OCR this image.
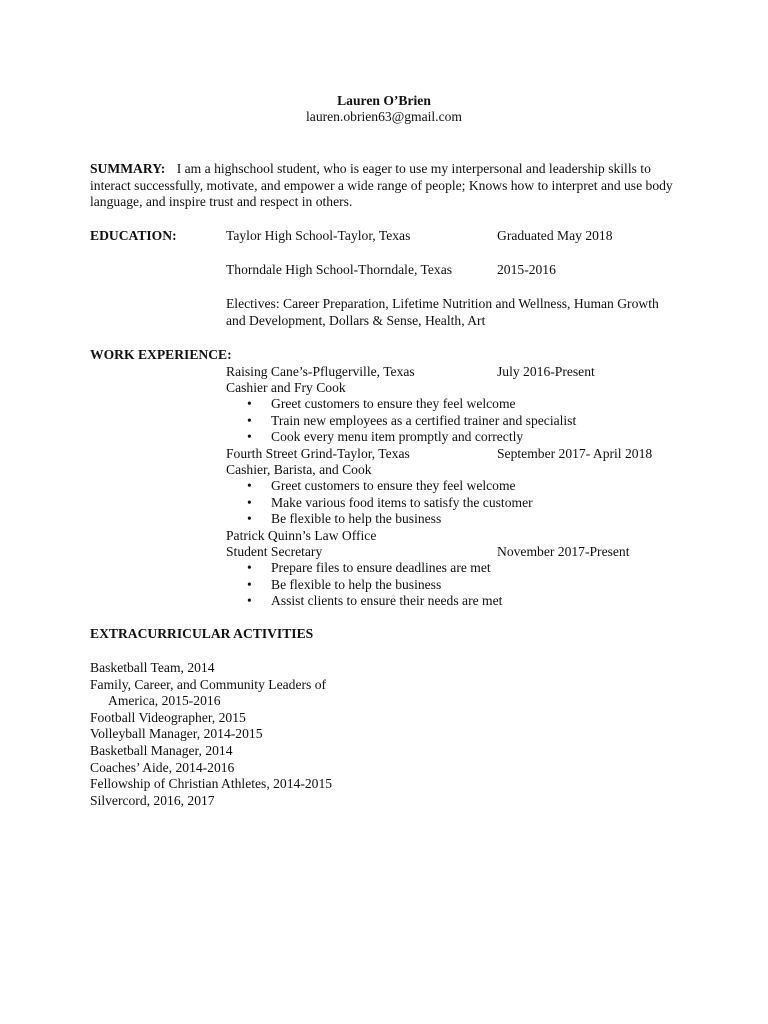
Lauren O’Brien
lauren.obrien63@gmail.com
SUMMARY: I am a highschool student, who is eager to use my interpersonal and leadership skills to interact successfully, motivate, and empower a wide range of people; Knows how to interpret and use body language, and inspire trust and respect in others.
EDUCATION:	Taylor High School-Taylor, Texas	Graduated May 2018
Thorndale High School-Thorndale, Texas	2015-2016
Electives: Career Preparation, Lifetime Nutrition and Wellness, Human Growth and Development, Dollars & Sense, Health, Art
WORK EXPERIENCE:
Raising Cane’s-Pflugerville, Texas	July 2016-Present
Cashier and Fry Cook
• Greet customers to ensure they feel welcome
• Train new employees as a certified trainer and specialist
• Cook every menu item promptly and correctly
Fourth Street Grind-Taylor, Texas	September 2017- April 2018
Cashier, Barista, and Cook
• Greet customers to ensure they feel welcome
• Make various food items to satisfy the customer
• Be flexible to help the business
Patrick Quinn’s Law Office
Student Secretary	November 2017-Present
• Prepare files to ensure deadlines are met
• Be flexible to help the business
• Assist clients to ensure their needs are met
EXTRACURRICULAR ACTIVITIES
Basketball Team, 2014
Family, Career, and Community Leaders of
America, 2015-2016
Football Videographer, 2015
Volleyball Manager, 2014-2015
Basketball Manager, 2014
Coaches’ Aide, 2014-2016
Fellowship of Christian Athletes, 2014-2015
Silvercord, 2016, 2017
